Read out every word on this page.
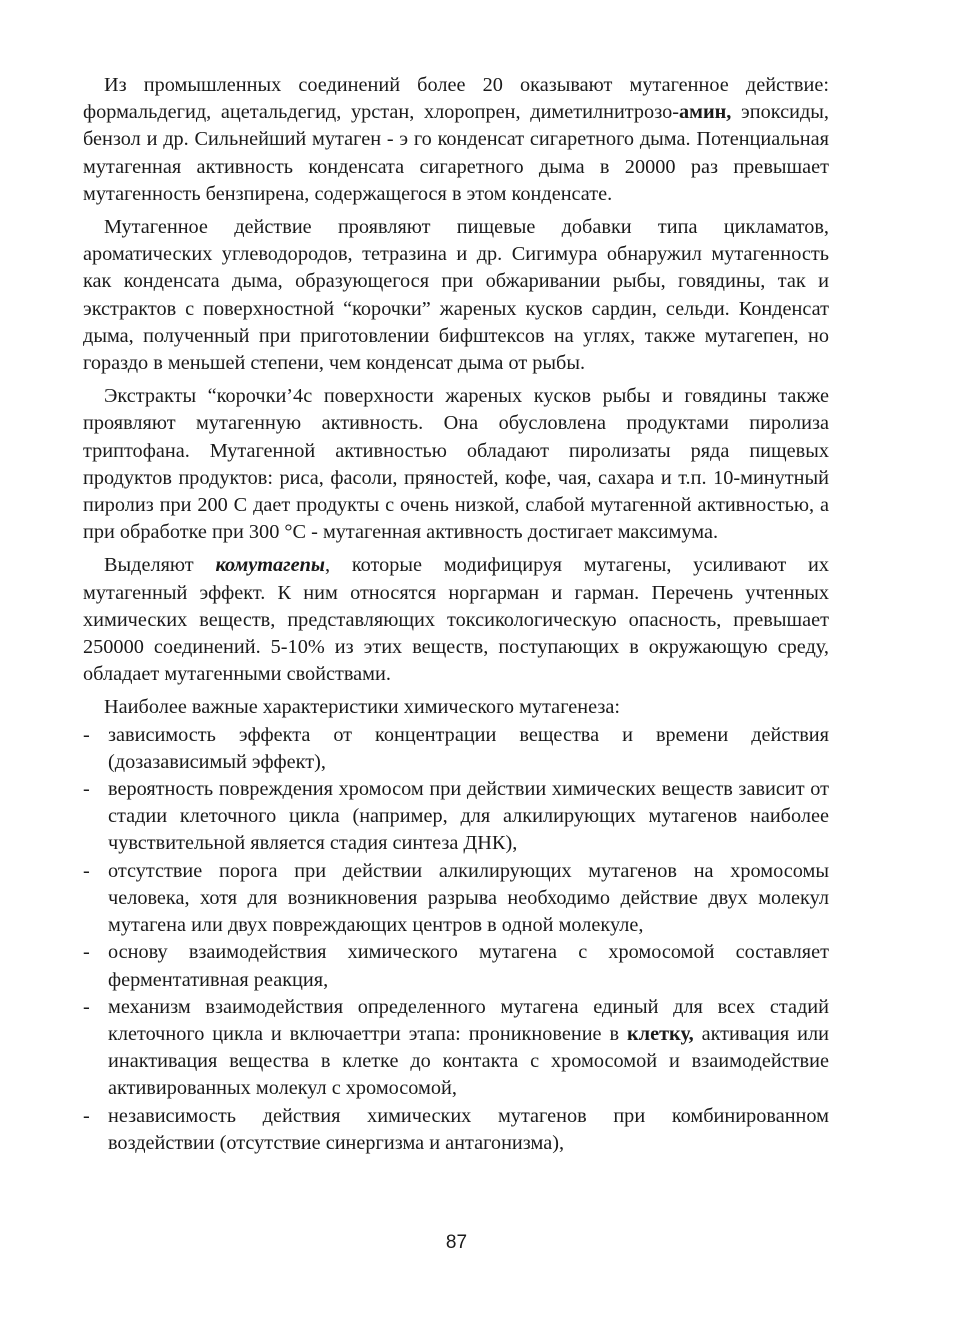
Из промышленных соединений более 20 оказывают мутагенное действие: формальдегид, ацетальдегид, урстан, хлоропрен, диметилнитрозо-амин, эпоксиды, бензол и др. Сильнейший мутаген - э го конденсат сигаретного дыма. Потенциальная мутагенная активность конденсата сигаретного дыма в 20000 раз превышает мутагенность бензпирена, содержащегося в этом конденсате.

Мутагенное действие проявляют пищевые добавки типа цикламатов, ароматических углеводородов, тетразина и др. Сигимура обнаружил мутагенность как конденсата дыма, образующегося при обжаривании рыбы, говядины, так и экстрактов с поверхностной “корочки” жареных кусков сардин, сельди. Конденсат дыма, полученный при приготовлении бифштексов на углях, также мутагепен, но гораздо в меньшей степени, чем конденсат дыма от рыбы.

Экстракты “корочки’4с поверхности жареных кусков рыбы и говядины также проявляют мутагенную активность. Она обусловлена продуктами пиролиза триптофана. Мутагенной активностью обладают пиролизаты ряда пищевых продуктов продуктов: риса, фасоли, пряностей, кофе, чая, сахара и т.п. 10-минутный пиролиз при 200 С дает продукты с очень низкой, слабой мутагенной активностью, а при обработке при 300 °С - мутагенная активность достигает максимума.

Выделяют комутагепы, которые модифицируя мутагены, усиливают их мутагенный эффект. К ним относятся норгарман и гарман. Перечень учтенных химических веществ, представляющих токсикологическую опасность, превышает 250000 соединений. 5-10% из этих веществ, поступающих в окружающую среду, обладает мутагенными свойствами.

Наиболее важные характеристики химического мутагенеза:

- зависимость эффекта от концентрации вещества и времени действия (дозазависимый эффект),
- вероятность повреждения хромосом при действии химических веществ зависит от стадии клеточного цикла (например, для алкилирующих мутагенов наиболее чувствительной является стадия синтеза ДНК),
- отсутствие порога при действии алкилирующих мутагенов на хромосомы человека, хотя для возникновения разрыва необходимо действие двух молекул мутагена или двух повреждающих центров в одной молекуле,
- основу взаимодействия химического мутагена с хромосомой составляет ферментативная реакция,
- механизм взаимодействия определенного мутагена единый для всех стадий клеточного цикла и включаеттри этапа: проникновение в клетку, активация или инактивация вещества в клетке до контакта с хромосомой и взаимодействие активированных молекул с хромосомой,
- независимость действия химических мутагенов при комбинированном воздействии (отсутствие синергизма и антагонизма),
87
